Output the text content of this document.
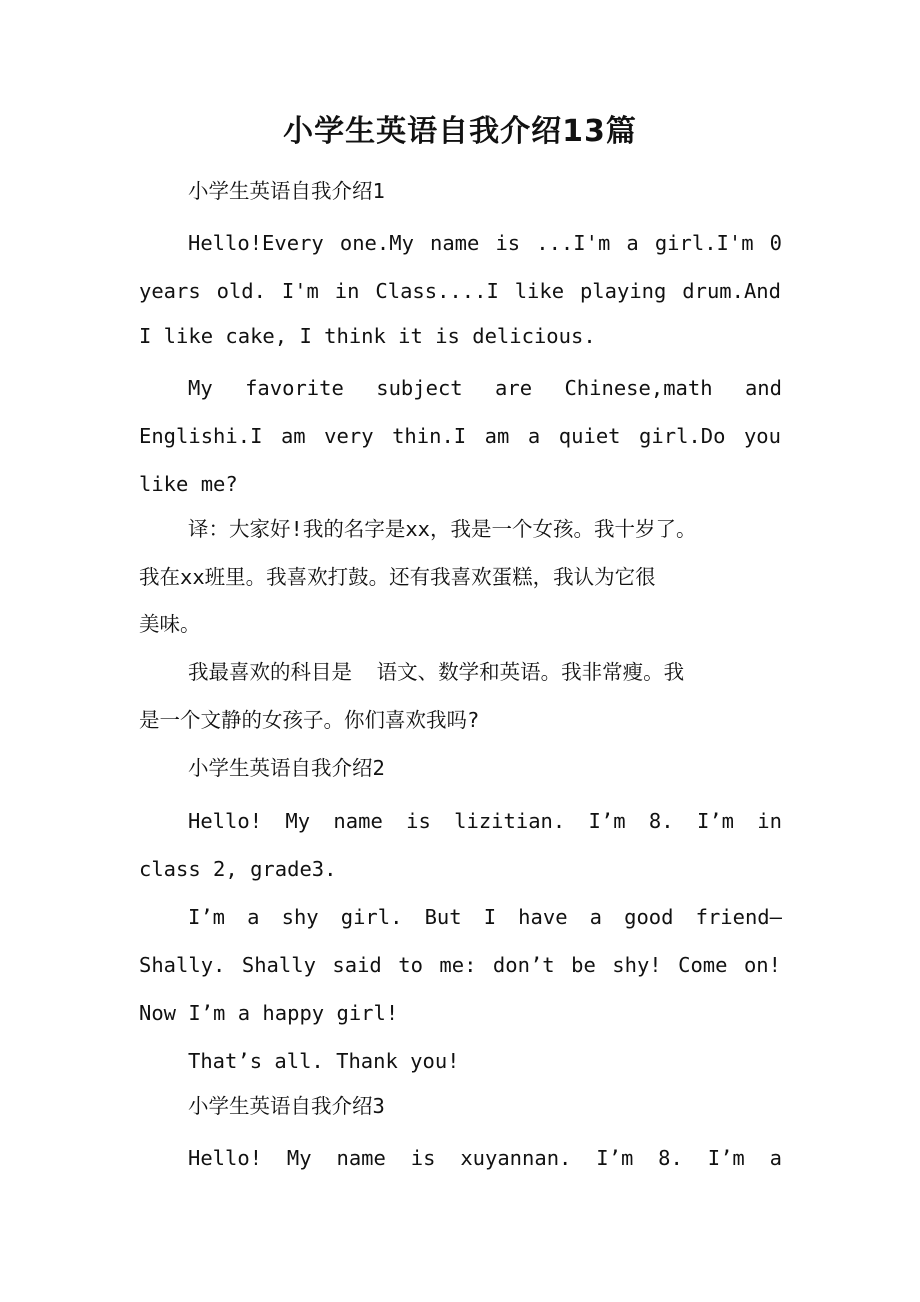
小学生英语自我介绍13篇
小学生英语自我介绍1
Hello!Every one.My name is ...I'm a girl.I'm 0
years old. I'm in Class....I like playing drum.And
I like cake, I think it is delicious.
My favorite subject are Chinese,math and
Englishi.I am very thin.I am a quiet girl.Do you
like me?
译：大家好!我的名字是xx，我是一个女孩。我十岁了。
我在xx班里。我喜欢打鼓。还有我喜欢蛋糕，我认为它很
美味。
我最喜欢的科目是  语文、数学和英语。我非常瘦。我
是一个文静的女孩子。你们喜欢我吗?
小学生英语自我介绍2
Hello! My name is lizitian. I’m 8. I’m in
class 2, grade3.
I’m a shy girl. But I have a good friend—
Shally. Shally said to me: don’t be shy! Come on!
Now I’m a happy girl!
That’s all. Thank you!
小学生英语自我介绍3
Hello! My name is xuyannan. I’m 8. I’m a
